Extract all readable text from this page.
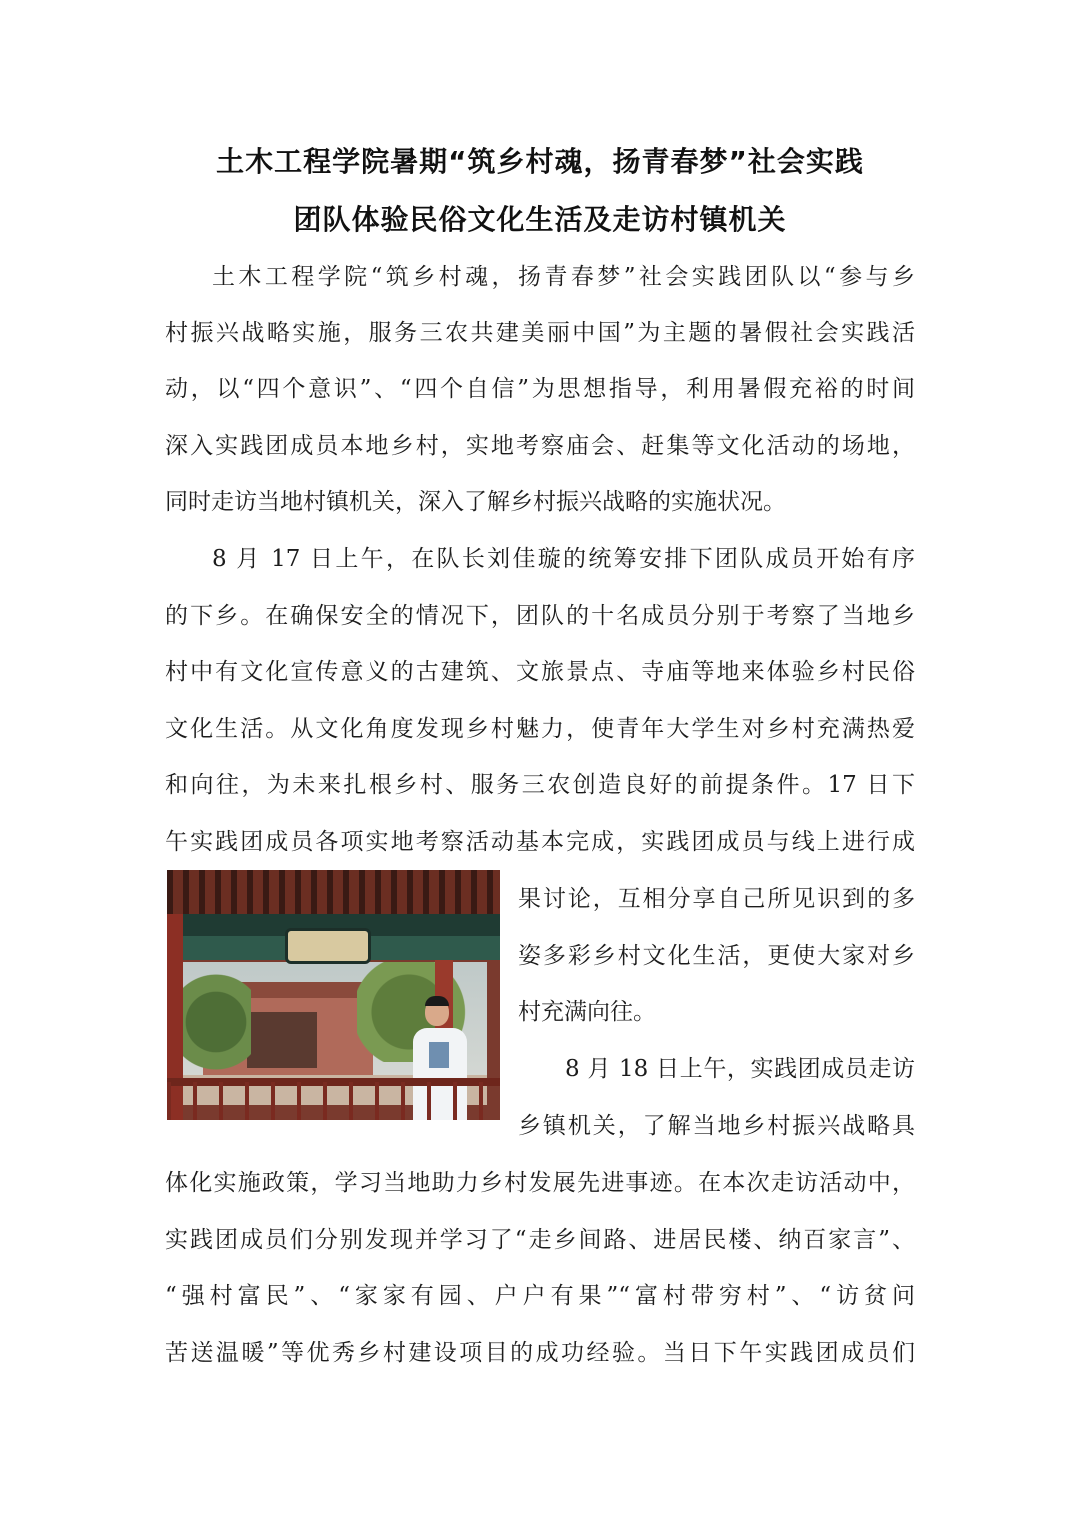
土木工程学院暑期“筑乡村魂，扬青春梦”社会实践
团队体验民俗文化生活及走访村镇机关
土木工程学院“筑乡村魂，扬青春梦”社会实践团队以“参与乡
村振兴战略实施，服务三农共建美丽中国”为主题的暑假社会实践活
动，以“四个意识”、“四个自信”为思想指导，利用暑假充裕的时间
深入实践团成员本地乡村，实地考察庙会、赶集等文化活动的场地，
同时走访当地村镇机关，深入了解乡村振兴战略的实施状况。
8 月 17 日上午，在队长刘佳璇的统筹安排下团队成员开始有序
的下乡。在确保安全的情况下，团队的十名成员分别于考察了当地乡
村中有文化宣传意义的古建筑、文旅景点、寺庙等地来体验乡村民俗
文化生活。从文化角度发现乡村魅力，使青年大学生对乡村充满热爱
和向往，为未来扎根乡村、服务三农创造良好的前提条件。17 日下
午实践团成员各项实地考察活动基本完成，实践团成员与线上进行成
果讨论，互相分享自己所见识到的多
姿多彩乡村文化生活，更使大家对乡
村充满向往。
8 月 18 日上午，实践团成员走访
乡镇机关，了解当地乡村振兴战略具
体化实施政策，学习当地助力乡村发展先进事迹。在本次走访活动中，
实践团成员们分别发现并学习了“走乡间路、进居民楼、纳百家言”、
“强村富民”、“家家有园、户户有果”“富村带穷村”、“访贫问
苦送温暖”等优秀乡村建设项目的成功经验。当日下午实践团成员们
